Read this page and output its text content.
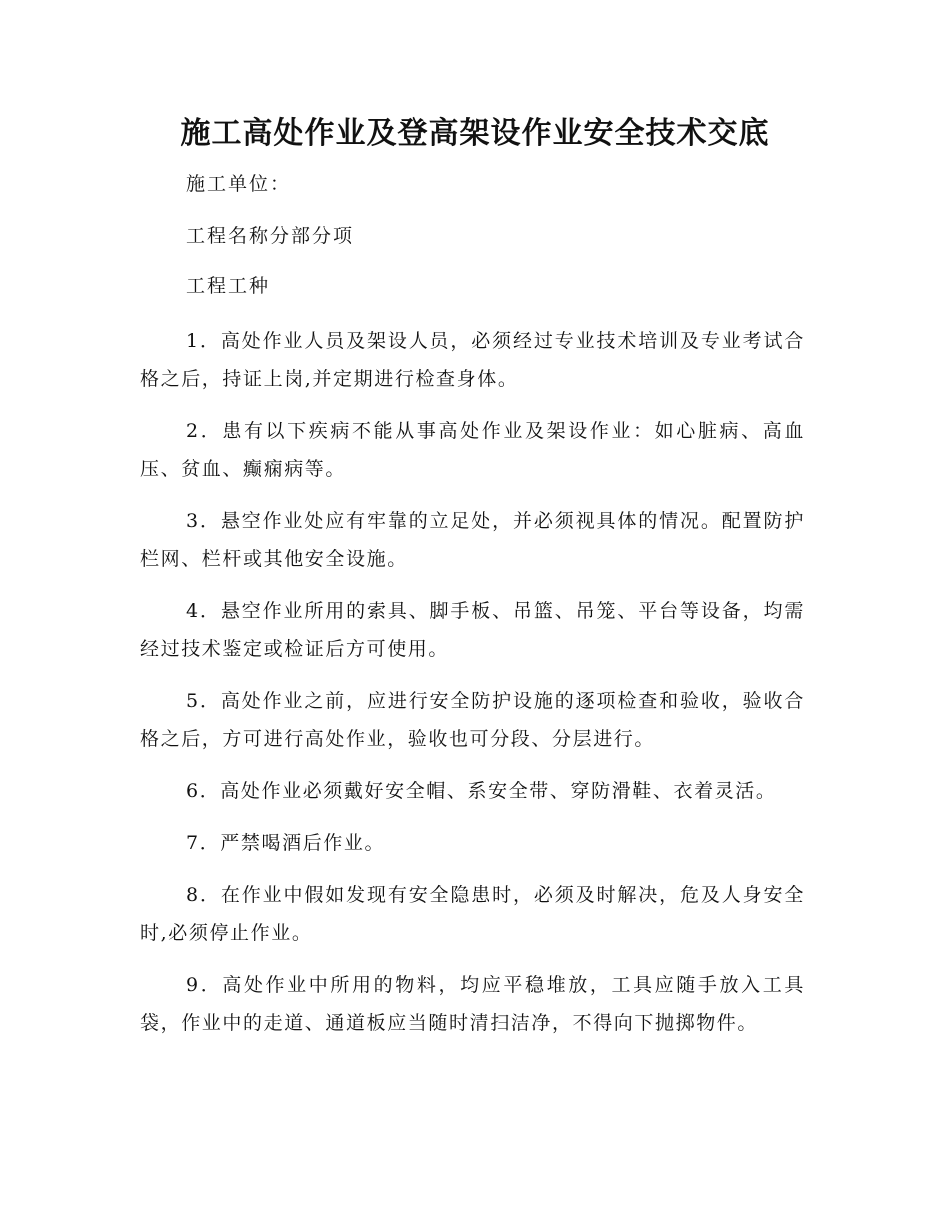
施工高处作业及登高架设作业安全技术交底

施工单位：

工程名称分部分项

工程工种

1．高处作业人员及架设人员，必须经过专业技术培训及专业考试合格之后，持证上岗,并定期进行检查身体。

2．患有以下疾病不能从事高处作业及架设作业：如心脏病、高血压、贫血、癫痫病等。

3．悬空作业处应有牢靠的立足处，并必须视具体的情况。配置防护栏网、栏杆或其他安全设施。

4．悬空作业所用的索具、脚手板、吊篮、吊笼、平台等设备，均需经过技术鉴定或检证后方可使用。

5．高处作业之前，应进行安全防护设施的逐项检查和验收，验收合格之后，方可进行高处作业，验收也可分段、分层进行。

6．高处作业必须戴好安全帽、系安全带、穿防滑鞋、衣着灵活。

7．严禁喝酒后作业。

8．在作业中假如发现有安全隐患时，必须及时解决，危及人身安全时,必须停止作业。

9．高处作业中所用的物料，均应平稳堆放，工具应随手放入工具袋，作业中的走道、通道板应当随时清扫洁净，不得向下抛掷物件。
